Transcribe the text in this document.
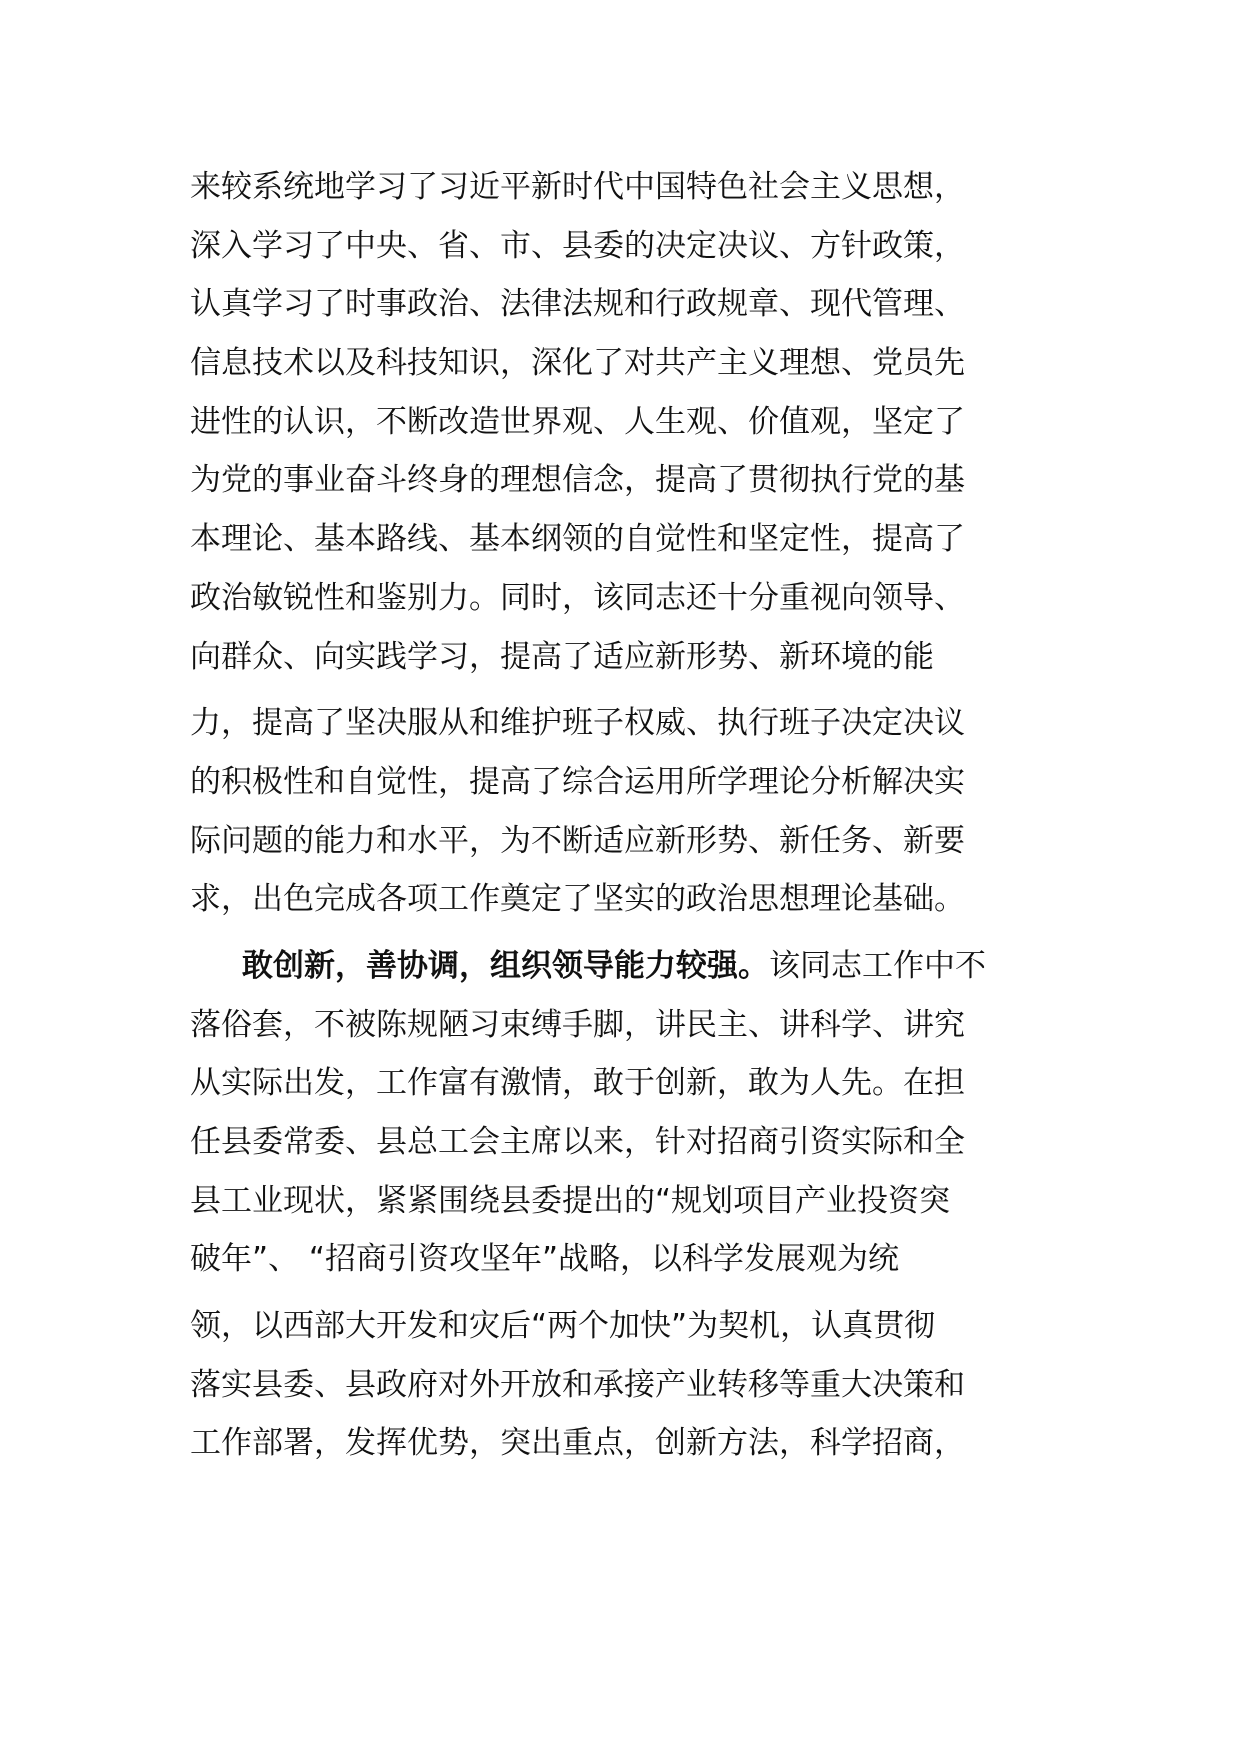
来较系统地学习了习近平新时代中国特色社会主义思想，
深入学习了中央、省、市、县委的决定决议、方针政策，
认真学习了时事政治、法律法规和行政规章、现代管理、
信息技术以及科技知识，深化了对共产主义理想、党员先
进性的认识，不断改造世界观、人生观、价值观，坚定了
为党的事业奋斗终身的理想信念，提高了贯彻执行党的基
本理论、基本路线、基本纲领的自觉性和坚定性，提高了
政治敏锐性和鉴别力。同时，该同志还十分重视向领导、
向群众、向实践学习，提高了适应新形势、新环境的能
力，提高了坚决服从和维护班子权威、执行班子决定决议
的积极性和自觉性，提高了综合运用所学理论分析解决实
际问题的能力和水平，为不断适应新形势、新任务、新要
求，出色完成各项工作奠定了坚实的政治思想理论基础。
敢创新，善协调，组织领导能力较强。该同志工作中不
落俗套，不被陈规陋习束缚手脚，讲民主、讲科学、讲究
从实际出发，工作富有激情，敢于创新，敢为人先。在担
任县委常委、县总工会主席以来，针对招商引资实际和全
县工业现状，紧紧围绕县委提出的“规划项目产业投资突
破年”、 “招商引资攻坚年”战略，以科学发展观为统
领，以西部大开发和灾后“两个加快”为契机，认真贯彻
落实县委、县政府对外开放和承接产业转移等重大决策和
工作部署，发挥优势，突出重点，创新方法，科学招商，
